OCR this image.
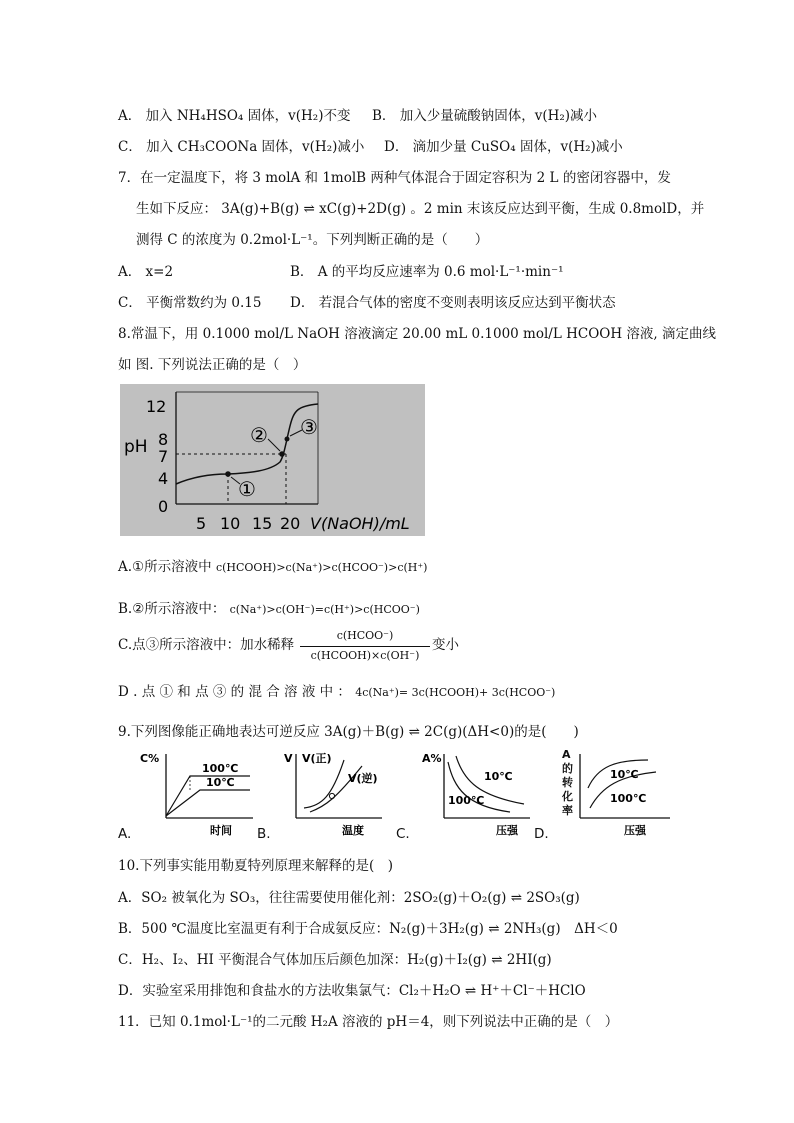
A． 加入 NH₄HSO₄ 固体，v(H₂)不变 B． 加入少量硫酸钠固体，v(H₂)减小
C． 加入 CH₃COONa 固体，v(H₂)减小 D． 滴加少量 CuSO₄ 固体，v(H₂)减小
7．在一定温度下，将 3 molA 和 1molB 两种气体混合于固定容积为 2 L 的密闭容器中，发
生如下反应： 3A(g)+B(g) ⇌ xC(g)+2D(g) 。2 min 末该反应达到平衡，生成 0.8molD，并
测得 C 的浓度为 0.2mol·L⁻¹。下列判断正确的是（　　）
A． x=2	B． A 的平均反应速率为 0.6 mol·L⁻¹·min⁻¹
C． 平衡常数约为 0.15 D． 若混合气体的密度不变则表明该反应达到平衡状态
8.常温下，用 0.1000 mol/L NaOH 溶液滴定 20.00 mL 0.1000 mol/L HCOOH 溶液, 滴定曲线
如 图. 下列说法正确的是（　）
pH
12
8
7
4
0
5 10 15 20 V(NaOH)/mL
①
② ③
A.①所示溶液中 c(HCOOH)>c(Na⁺)>c(HCOO⁻)>c(H⁺)
B.②所示溶液中： c(Na⁺)>c(OH⁻)=c(H⁺)>c(HCOO⁻)
C.点③所示溶液中：加水稀释
c(HCOO⁻)
c(HCOOH)×c(OH⁻)
变小
D . 点 ① 和 点 ③ 的 混 合 溶 液 中 ： 4c(Na⁺)= 3c(HCOOH)+ 3c(HCOO⁻)
9.下列图像能正确地表达可逆反应 3A(g)＋B(g) ⇌ 2C(g)(ΔH<0)的是(　　)
A.
C%
100℃
10℃
时间 B.
V V(正)
V(逆)
温度 C.
A%
10℃
100℃
压强 D.
A的转化率
10℃
100℃
压强
10.下列事实能用勒夏特列原理来解释的是(　)
A．SO₂ 被氧化为 SO₃，往往需要使用催化剂：2SO₂(g)＋O₂(g) ⇌ 2SO₃(g)
B．500 ℃温度比室温更有利于合成氨反应：N₂(g)＋3H₂(g) ⇌ 2NH₃(g)　ΔH＜0
C．H₂、I₂、HI 平衡混合气体加压后颜色加深：H₂(g)＋I₂(g) ⇌ 2HI(g)
D．实验室采用排饱和食盐水的方法收集氯气：Cl₂＋H₂O ⇌ H⁺＋Cl⁻＋HClO
11．已知 0.1mol·L⁻¹的二元酸 H₂A 溶液的 pH＝4，则下列说法中正确的是（　）
